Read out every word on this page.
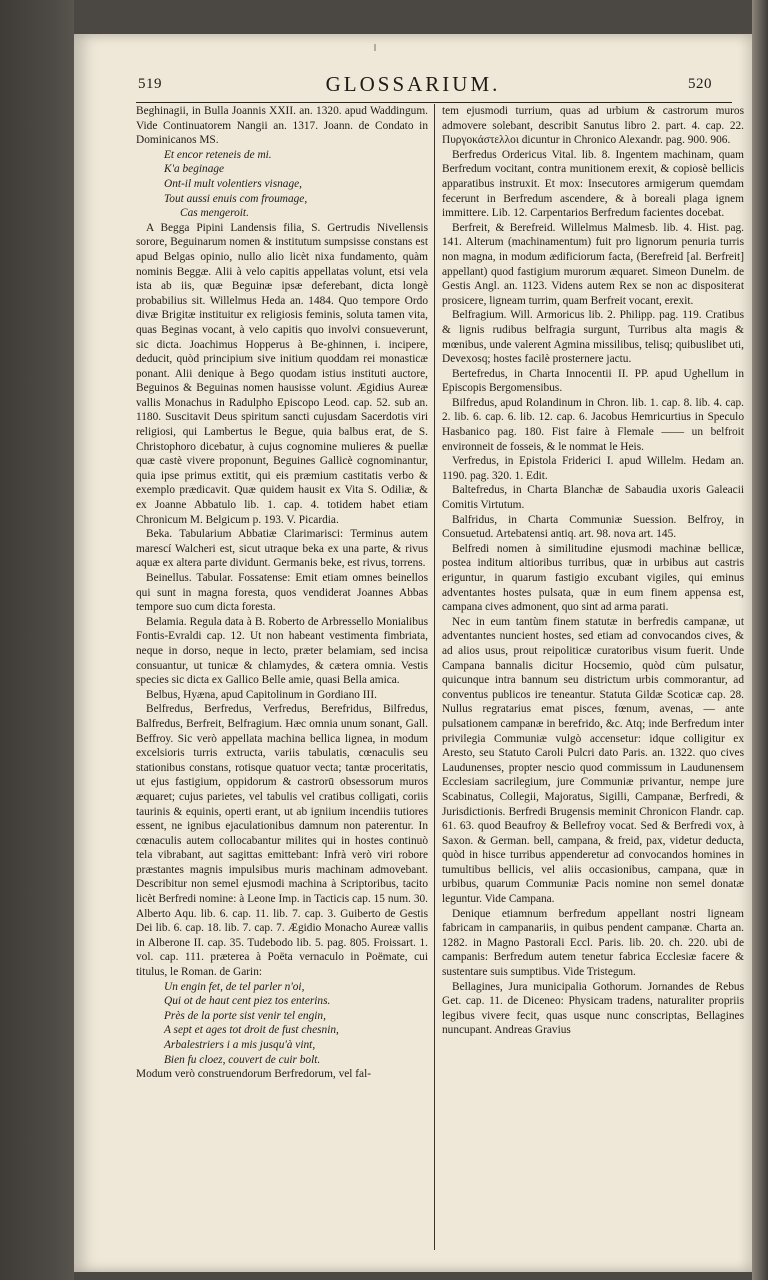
519	GLOSSARIUM.	520

Beghinagii, in Bulla Joannis XXII. an. 1320. apud Waddingum. Vide Continuatorem Nangii an. 1317. Joann. de Condato in Dominicanos MS.

Et encor reteneis de mi.

K'a beginage

Ont-il mult volentiers visnage,

Tout aussi enuis com froumage,

Cas mengeroit.

A Begga Pipini Landensis filia, S. Gertrudis Nivellensis sorore, Beguinarum nomen & institutum sumpsisse constans est apud Belgas opinio, nullo alio licèt nixa fundamento, quàm nominis Beggæ. Alii à velo capitis appellatas volunt, etsi vela ista ab iis, quæ Beguinæ ipsæ deferebant, dicta longè probabilius sit. Willelmus Heda an. 1484. Quo tempore Ordo divæ Brigitæ instituitur ex religiosis feminis, soluta tamen vita, quas Beginas vocant, à velo capitis quo involvi consueverunt, sic dicta. Joachimus Hopperus à Be-ghinnen, i. incipere, deducit, quòd principium sive initium quoddam rei monasticæ ponant. Alii denique à Bego quodam istius instituti auctore, Beguinos & Beguinas nomen hausisse volunt. Ægidius Aureæ vallis Monachus in Radulpho Episcopo Leod. cap. 52. sub an. 1180. Suscitavit Deus spiritum sancti cujusdam Sacerdotis viri religiosi, qui Lambertus le Begue, quia balbus erat, de S. Christophoro dicebatur, à cujus cognomine mulieres & puellæ quæ castè vivere proponunt, Beguines Gallicè cognominantur, quia ipse primus extitit, qui eis præmium castitatis verbo & exemplo prædicavit. Quæ quidem hausit ex Vita S. Odiliæ, & ex Joanne Abbatulo lib. 1. cap. 4. totidem habet etiam Chronicum M. Belgicum p. 193. V. Picardia.

Beka. Tabularium Abbatiæ Clarimarisci: Terminus autem marescí Walcheri est, sicut utraque beka ex una parte, & rivus aquæ ex altera parte dividunt. Germanis beke, est rivus, torrens.

Beinellus. Tabular. Fossatense: Emit etiam omnes beinellos qui sunt in magna foresta, quos vendiderat Joannes Abbas tempore suo cum dicta foresta.

Belamia. Regula data à B. Roberto de Arbressello Monialibus Fontis-Evraldi cap. 12. Ut non habeant vestimenta fimbriata, neque in dorso, neque in lecto, præter belamiam, sed incisa consuantur, ut tunicæ & chlamydes, & cætera omnia. Vestis species sic dicta ex Gallico Belle amie, quasi Bella amica.

Belbus, Hyæna, apud Capitolinum in Gordiano III.

Belfredus, Berfredus, Verfredus, Berefridus, Bilfredus, Balfredus, Berfreit, Belfragium. Hæc omnia unum sonant, Gall. Beffroy. Sic verò appellata machina bellica lignea, in modum excelsioris turris extructa, variis tabulatis, cœnaculis seu stationibus constans, rotisque quatuor vecta; tantæ proceritatis, ut ejus fastigium, oppidorum & castrorū obsessorum muros æquaret; cujus parietes, vel tabulis vel cratibus colligati, coriis taurinis & equinis, operti erant, ut ab igniium incendiis tutiores essent, ne ignibus ejaculationibus damnum non paterentur. In cœnaculis autem collocabantur milites qui in hostes continuò tela vibrabant, aut sagittas emittebant: Infrà verò viri robore præstantes magnis impulsibus muris machinam admovebant. Describitur non semel ejusmodi machina à Scriptoribus, tacito licèt Berfredi nomine: à Leone Imp. in Tacticis cap. 15 num. 30. Alberto Aqu. lib. 6. cap. 11. lib. 7. cap. 3. Guiberto de Gestis Dei lib. 6. cap. 18. lib. 7. cap. 7. Ægidio Monacho Aureæ vallis in Alberone II. cap. 35. Tudebodo lib. 5. pag. 805. Froissart. 1. vol. cap. 111. præterea à Poëta vernaculo in Poëmate, cui titulus, le Roman. de Garin:

Un engin fet, de tel parler n'oi,

Qui ot de haut cent piez tos enterins.

Près de la porte sist venir tel engin,

A sept et ages tot droit de fust chesnin,

Arbalestriers i a mis jusqu'à vint,

Bien fu cloez, couvert de cuir bolt.

Modum verò construendorum Berfredorum, vel fal-

tem ejusmodi turrium, quas ad urbium & castrorum muros admovere solebant, describit Sanutus libro 2. part. 4. cap. 22. Πυργοκάστελλοι dicuntur in Chronico Alexandr. pag. 900. 906.

Berfredus Ordericus Vital. lib. 8. Ingentem machinam, quam Berfredum vocitant, contra munitionem erexit, & copiosè bellicis apparatibus instruxit. Et mox: Insecutores armigerum quemdam fecerunt in Berfredum ascendere, & à boreali plaga ignem immittere. Lib. 12. Carpentarios Berfredum facientes docebat.

Berfreit, & Berefreid. Willelmus Malmesb. lib. 4. Hist. pag. 141. Alterum (machinamentum) fuit pro lignorum penuria turris non magna, in modum ædificiorum facta, (Berefreid [al. Berfreit] appellant) quod fastigium murorum æquaret. Simeon Dunelm. de Gestis Angl. an. 1123. Videns autem Rex se non ac dispositerat prosicere, ligneam turrim, quam Berfreit vocant, erexit.

Belfragium. Will. Armoricus lib. 2. Philipp. pag. 119. Cratibus & lignis rudibus belfragia surgunt, Turribus alta magis & mœnibus, unde valerent Agmina missilibus, telisq; quibuslibet uti, Devexosq; hostes facilè prosternere jactu.

Bertefredus, in Charta Innocentii II. PP. apud Ughellum in Episcopis Bergomensibus.

Bilfredus, apud Rolandinum in Chron. lib. 1. cap. 8. lib. 4. cap. 2. lib. 6. cap. 6. lib. 12. cap. 6. Jacobus Hemricurtius in Speculo Hasbanico pag. 180. Fist faire à Flemale —— un belfroit environneit de fosseis, & le nommat le Heis.

Verfredus, in Epistola Friderici I. apud Willelm. Hedam an. 1190. pag. 320. 1. Edit.

Baltefredus, in Charta Blanchæ de Sabaudia uxoris Galeacii Comitis Virtutum.

Balfridus, in Charta Communiæ Suession. Belfroy, in Consuetud. Artebatensi antiq. art. 98. nova art. 145.

Belfredi nomen à similitudine ejusmodi machinæ bellicæ, postea inditum altioribus turribus, quæ in urbibus aut castris eriguntur, in quarum fastigio excubant vigiles, qui eminus adventantes hostes pulsata, quæ in eum finem appensa est, campana cives admonent, quo sint ad arma parati.

Nec in eum tantùm finem statutæ in berfredis campanæ, ut adventantes nuncient hostes, sed etiam ad convocandos cives, & ad alios usus, prout reipoliticæ curatoribus visum fuerit. Unde Campana bannalis dicitur Hocsemio, quòd cùm pulsatur, quicunque intra bannum seu districtum urbis commorantur, ad conventus publicos ire teneantur. Statuta Gildæ Scoticæ cap. 28. Nullus regratarius emat pisces, fœnum, avenas, — ante pulsationem campanæ in berefrido, &c. Atq; inde Berfredum inter privilegia Communiæ vulgò accensetur: idque colligitur ex Aresto, seu Statuto Caroli Pulcri dato Paris. an. 1322. quo cives Laudunenses, propter nescio quod commissum in Laudunensem Ecclesiam sacrilegium, jure Communiæ privantur, nempe jure Scabinatus, Collegii, Majoratus, Sigilli, Campanæ, Berfredi, & Jurisdictionis. Berfredi Brugensis meminit Chronicon Flandr. cap. 61. 63. quod Beaufroy & Bellefroy vocat. Sed & Berfredi vox, à Saxon. & German. bell, campana, & freid, pax, videtur deducta, quòd in hisce turribus appenderetur ad convocandos homines in tumultibus bellicis, vel aliis occasionibus, campana, quæ in urbibus, quarum Communiæ Pacis nomine non semel donatæ leguntur. Vide Campana.

Denique etiamnum berfredum appellant nostri ligneam fabricam in campanariis, in quibus pendent campanæ. Charta an. 1282. in Magno Pastorali Eccl. Paris. lib. 20. ch. 220. ubi de campanis: Berfredum autem tenetur fabrica Ecclesiæ facere & sustentare suis sumptibus. Vide Tristegum.

Bellagines, Jura municipalia Gothorum. Jornandes de Rebus Get. cap. 11. de Diceneo: Physicam tradens, naturaliter propriis legibus vivere fecit, quas usque nunc conscriptas, Bellagines nuncupant. Andreas Gravius
